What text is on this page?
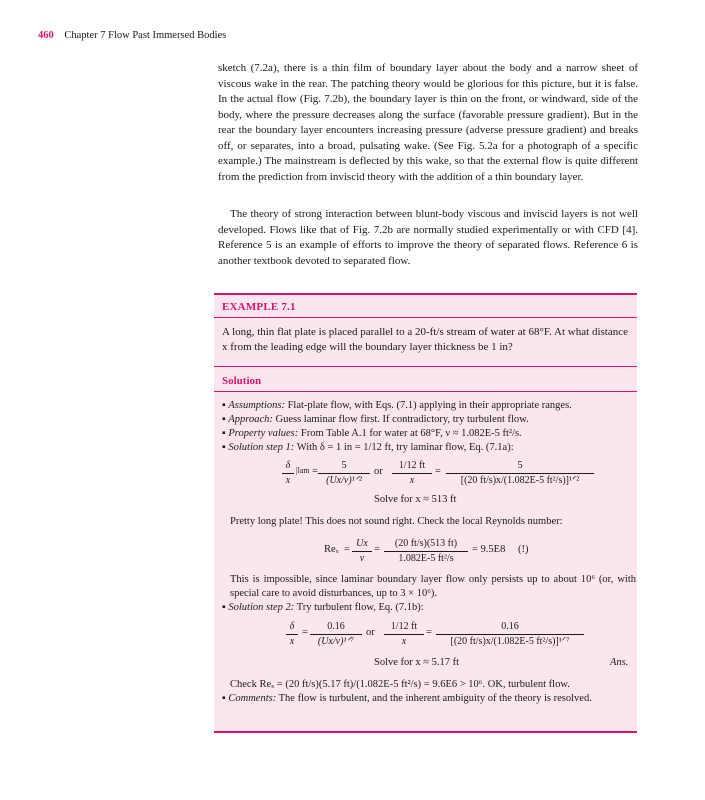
460 Chapter 7 Flow Past Immersed Bodies

sketch (7.2a), there is a thin film of boundary layer about the body and a narrow sheet of viscous wake in the rear. The patching theory would be glorious for this picture, but it is false. In the actual flow (Fig. 7.2b), the boundary layer is thin on the front, or windward, side of the body, where the pressure decreases along the surface (favorable pressure gradient). But in the rear the boundary layer encounters increasing pressure (adverse pressure gradient) and breaks off, or separates, into a broad, pulsating wake. (See Fig. 5.2a for a photograph of a specific example.) The mainstream is deflected by this wake, so that the external flow is quite different from the prediction from inviscid theory with the addition of a thin boundary layer.

The theory of strong interaction between blunt-body viscous and inviscid layers is not well developed. Flows like that of Fig. 7.2b are normally studied experimentally or with CFD [4]. Reference 5 is an example of efforts to improve the theory of separated flows. Reference 6 is another textbook devoted to separated flow.

EXAMPLE 7.1
A long, thin flat plate is placed parallel to a 20-ft/s stream of water at 68°F. At what distance x from the leading edge will the boundary layer thickness be 1 in?
Solution
▪ Assumptions: Flat-plate flow, with Eqs. (7.1) applying in their appropriate ranges.
▪ Approach: Guess laminar flow first. If contradictory, try turbulent flow.
▪ Property values: From Table A.1 for water at 68°F, ν ≈ 1.082E-5 ft²/s.
▪ Solution step 1: With δ = 1 in = 1/12 ft, try laminar flow, Eq. (7.1a):
$\frac{\delta}{x} |lam$ =
5
(Ux/ν)¹ᐟ²
or $\frac{1/12 ft}{x}$ =
5
[(20 ft/s)x/(1.082E-5 ft²/s)]¹ᐟ²
Solve for x ≈ 513 ft
Pretty long plate! This does not sound right. Check the local Reynolds number:
$Re_x = \frac{Ux}{\nu} = \frac{(20 ft/s)(513 ft)}{\text{1.082E-5 ft²/s}} = 9.5E8$ (!)
This is impossible, since laminar boundary layer flow only persists up to about 10⁶ (or, with special care to avoid disturbances, up to 3 × 10⁶).
▪ Solution step 2: Try turbulent flow, Eq. (7.1b):
$\frac{\delta}{x}$ =
0.16
(Ux/ν)¹ᐟ⁷
or $\frac{1/12 ft}{x}$ =
0.16
[(20 ft/s)x/(1.082E-5 ft²/s)]¹ᐟ⁷
Solve for x ≈ 5.17 ft	Ans.
Check Reₓ = (20 ft/s)(5.17 ft)/(1.082E-5 ft²/s) = 9.6E6 > 10⁶. OK, turbulent flow.
▪ Comments: The flow is turbulent, and the inherent ambiguity of the theory is resolved.
